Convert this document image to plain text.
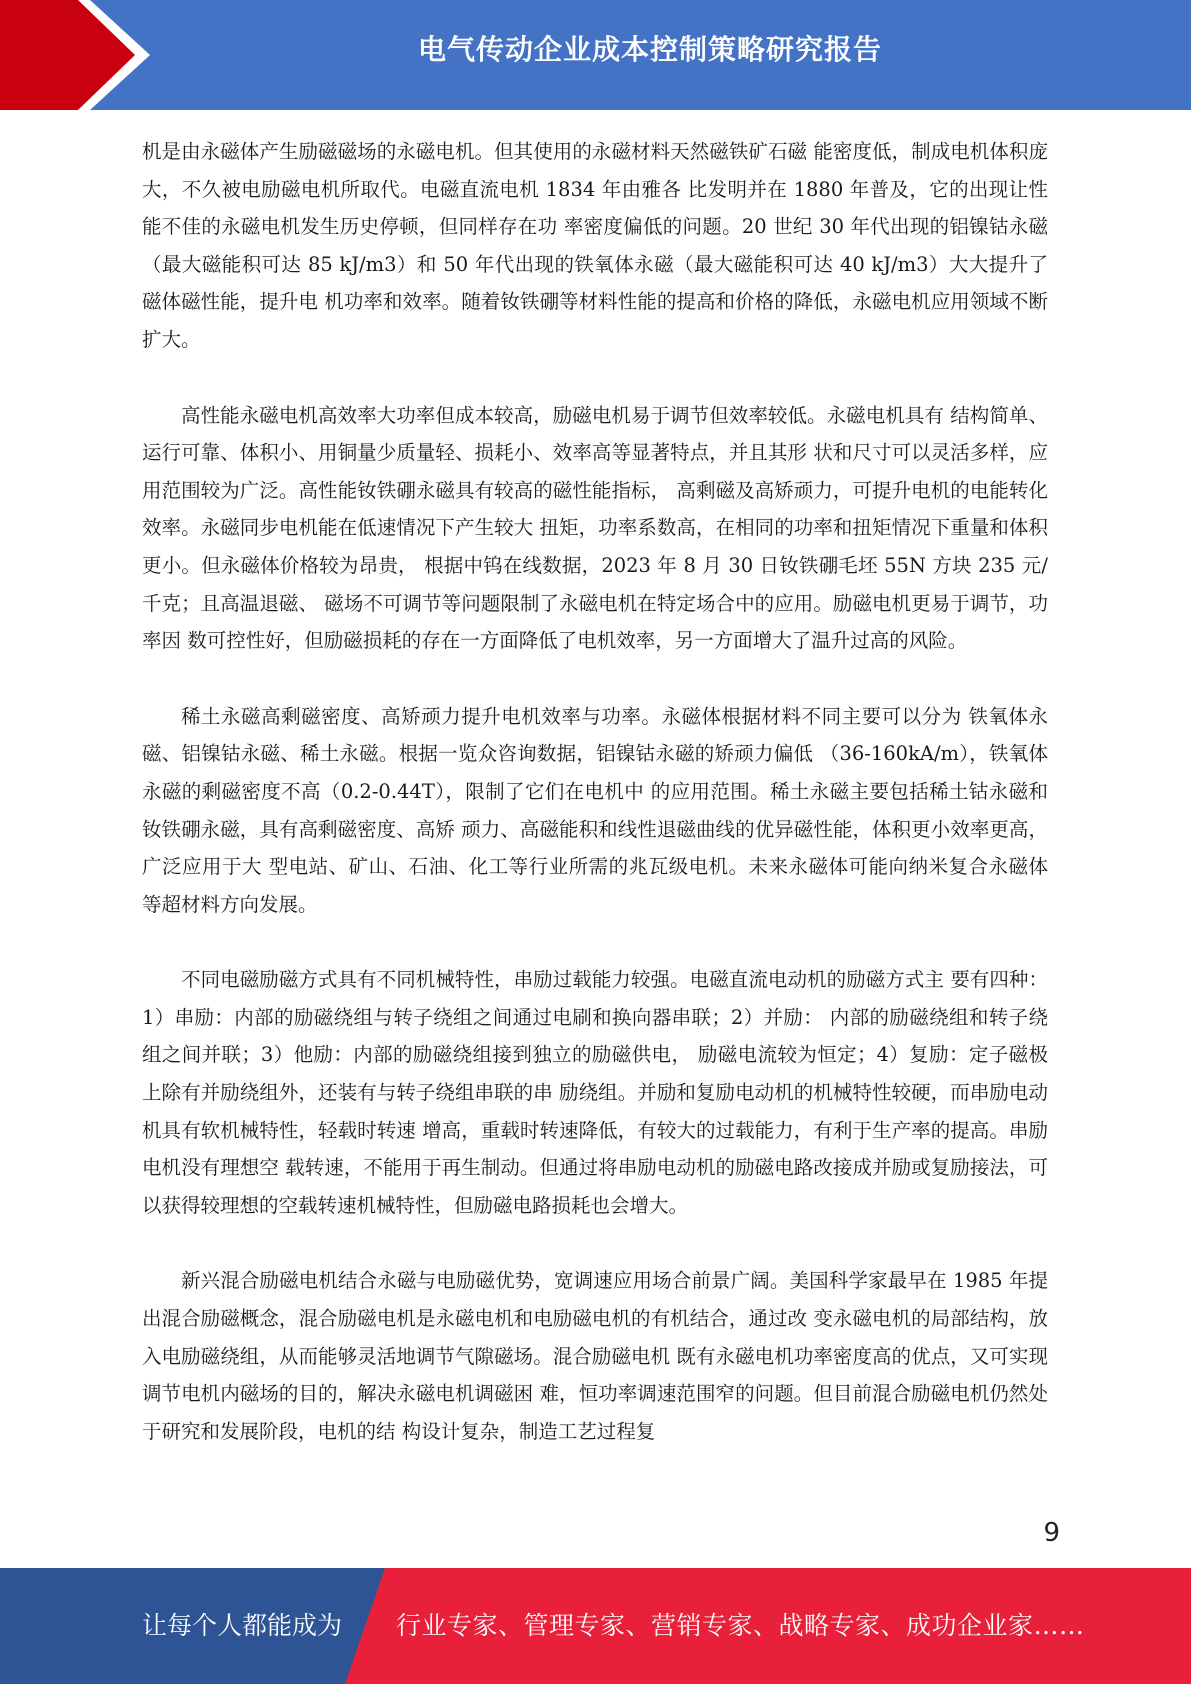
电气传动企业成本控制策略研究报告

机是由永磁体产生励磁磁场的永磁电机。但其使用的永磁材料天然磁铁矿石磁 能密度低，制成电机体积庞大，不久被电励磁电机所取代。电磁直流电机 1834 年由雅各 比发明并在 1880 年普及，它的出现让性能不佳的永磁电机发生历史停顿，但同样存在功 率密度偏低的问题。20 世纪 30 年代出现的铝镍钴永磁（最大磁能积可达 85 kJ/m3）和 50 年代出现的铁氧体永磁（最大磁能积可达 40 kJ/m3）大大提升了磁体磁性能，提升电 机功率和效率。随着钕铁硼等材料性能的提高和价格的降低，永磁电机应用领域不断扩大。

高性能永磁电机高效率大功率但成本较高，励磁电机易于调节但效率较低。永磁电机具有 结构简单、运行可靠、体积小、用铜量少质量轻、损耗小、效率高等显著特点，并且其形 状和尺寸可以灵活多样，应用范围较为广泛。高性能钕铁硼永磁具有较高的磁性能指标， 高剩磁及高矫顽力，可提升电机的电能转化效率。永磁同步电机能在低速情况下产生较大 扭矩，功率系数高，在相同的功率和扭矩情况下重量和体积更小。但永磁体价格较为昂贵， 根据中钨在线数据，2023 年 8 月 30 日钕铁硼毛坯 55N 方块 235 元/千克；且高温退磁、 磁场不可调节等问题限制了永磁电机在特定场合中的应用。励磁电机更易于调节，功率因 数可控性好，但励磁损耗的存在一方面降低了电机效率，另一方面增大了温升过高的风险。

稀土永磁高剩磁密度、高矫顽力提升电机效率与功率。永磁体根据材料不同主要可以分为 铁氧体永磁、铝镍钴永磁、稀土永磁。根据一览众咨询数据，铝镍钴永磁的矫顽力偏低 （36-160kA/m），铁氧体永磁的剩磁密度不高（0.2-0.44T），限制了它们在电机中 的应用范围。稀土永磁主要包括稀土钴永磁和钕铁硼永磁，具有高剩磁密度、高矫 顽力、高磁能积和线性退磁曲线的优异磁性能，体积更小效率更高，广泛应用于大 型电站、矿山、石油、化工等行业所需的兆瓦级电机。未来永磁体可能向纳米复合永磁体 等超材料方向发展。

不同电磁励磁方式具有不同机械特性，串励过载能力较强。电磁直流电动机的励磁方式主 要有四种：1）串励：内部的励磁绕组与转子绕组之间通过电刷和换向器串联；2）并励： 内部的励磁绕组和转子绕组之间并联；3）他励：内部的励磁绕组接到独立的励磁供电， 励磁电流较为恒定；4）复励：定子磁极上除有并励绕组外，还装有与转子绕组串联的串 励绕组。并励和复励电动机的机械特性较硬，而串励电动机具有软机械特性，轻载时转速 增高，重载时转速降低，有较大的过载能力，有利于生产率的提高。串励电机没有理想空 载转速，不能用于再生制动。但通过将串励电动机的励磁电路改接成并励或复励接法，可 以获得较理想的空载转速机械特性，但励磁电路损耗也会增大。

新兴混合励磁电机结合永磁与电励磁优势，宽调速应用场合前景广阔。美国科学家最早在 1985 年提出混合励磁概念，混合励磁电机是永磁电机和电励磁电机的有机结合，通过改 变永磁电机的局部结构，放入电励磁绕组，从而能够灵活地调节气隙磁场。混合励磁电机 既有永磁电机功率密度高的优点，又可实现调节电机内磁场的目的，解决永磁电机调磁困 难，恒功率调速范围窄的问题。但目前混合励磁电机仍然处于研究和发展阶段，电机的结 构设计复杂，制造工艺过程复

9
让每个人都能成为 行业专家、管理专家、营销专家、战略专家、成功企业家……
